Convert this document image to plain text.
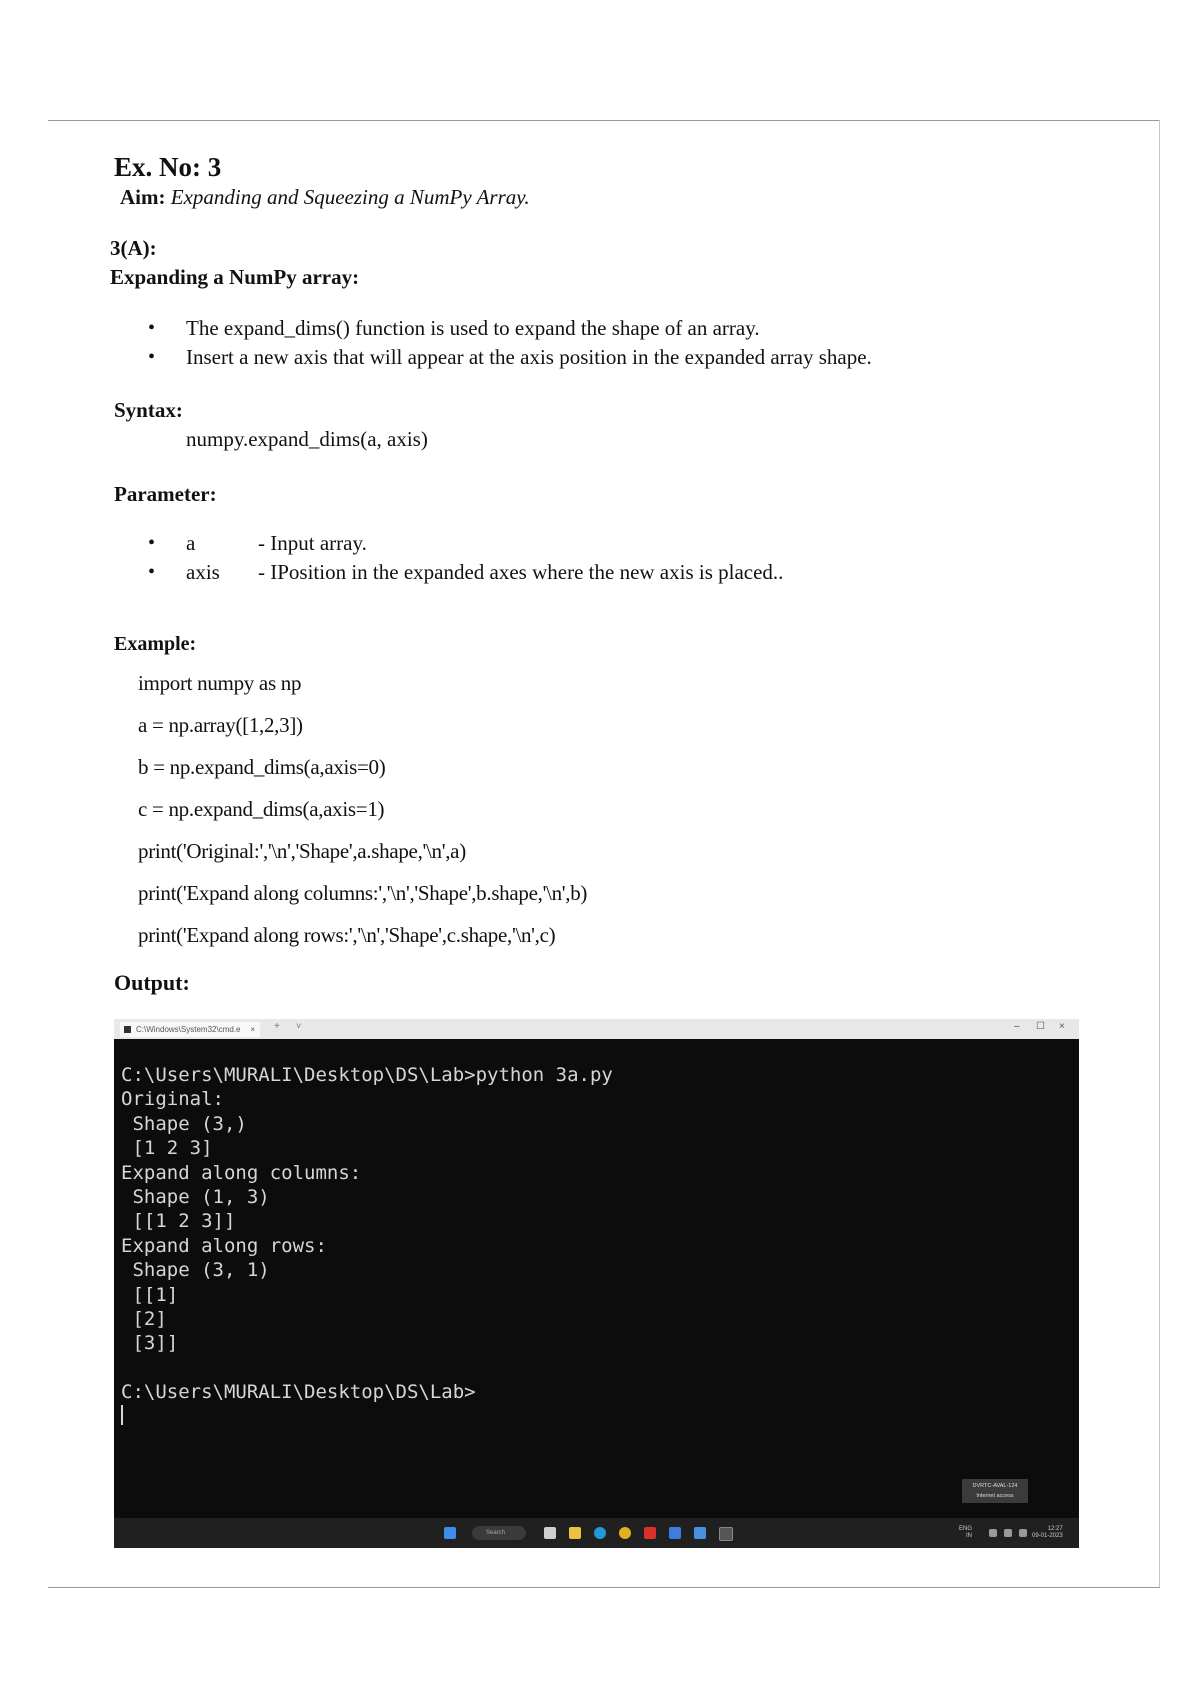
Ex. No: 3
Aim: Expanding and Squeezing a NumPy Array.
3(A):
Expanding a NumPy array:
• The expand_dims() function is used to expand the shape of an array.
• Insert a new axis that will appear at the axis position in the expanded array shape.
Syntax:
numpy.expand_dims(a, axis)
Parameter:
• a	- Input array.
• axis	- IPosition in the expanded axes where the new axis is placed..
Example:
import numpy as np
a = np.array([1,2,3])
b = np.expand_dims(a,axis=0)
c = np.expand_dims(a,axis=1)
print('Original:','\n','Shape',a.shape,'\n',a)
print('Expand along columns:','\n','Shape',b.shape,'\n',b)
print('Expand along rows:','\n','Shape',c.shape,'\n',c)
Output:
C:\Windows\System32\cmd.e × + ˅	– ☐ ×
C:\Users\MURALI\Desktop\DS\Lab>python 3a.py
Original:
Shape (3,)
[1 2 3]
Expand along columns:
Shape (1, 3)
[[1 2 3]]
Expand along rows:
Shape (3, 1)
[[1]
[2]
[3]]

C:\Users\MURALI\Desktop\DS\Lab>
DVRTC-AVAL-124
Internet access
Search
ENG
IN
12:27
09-01-2023
